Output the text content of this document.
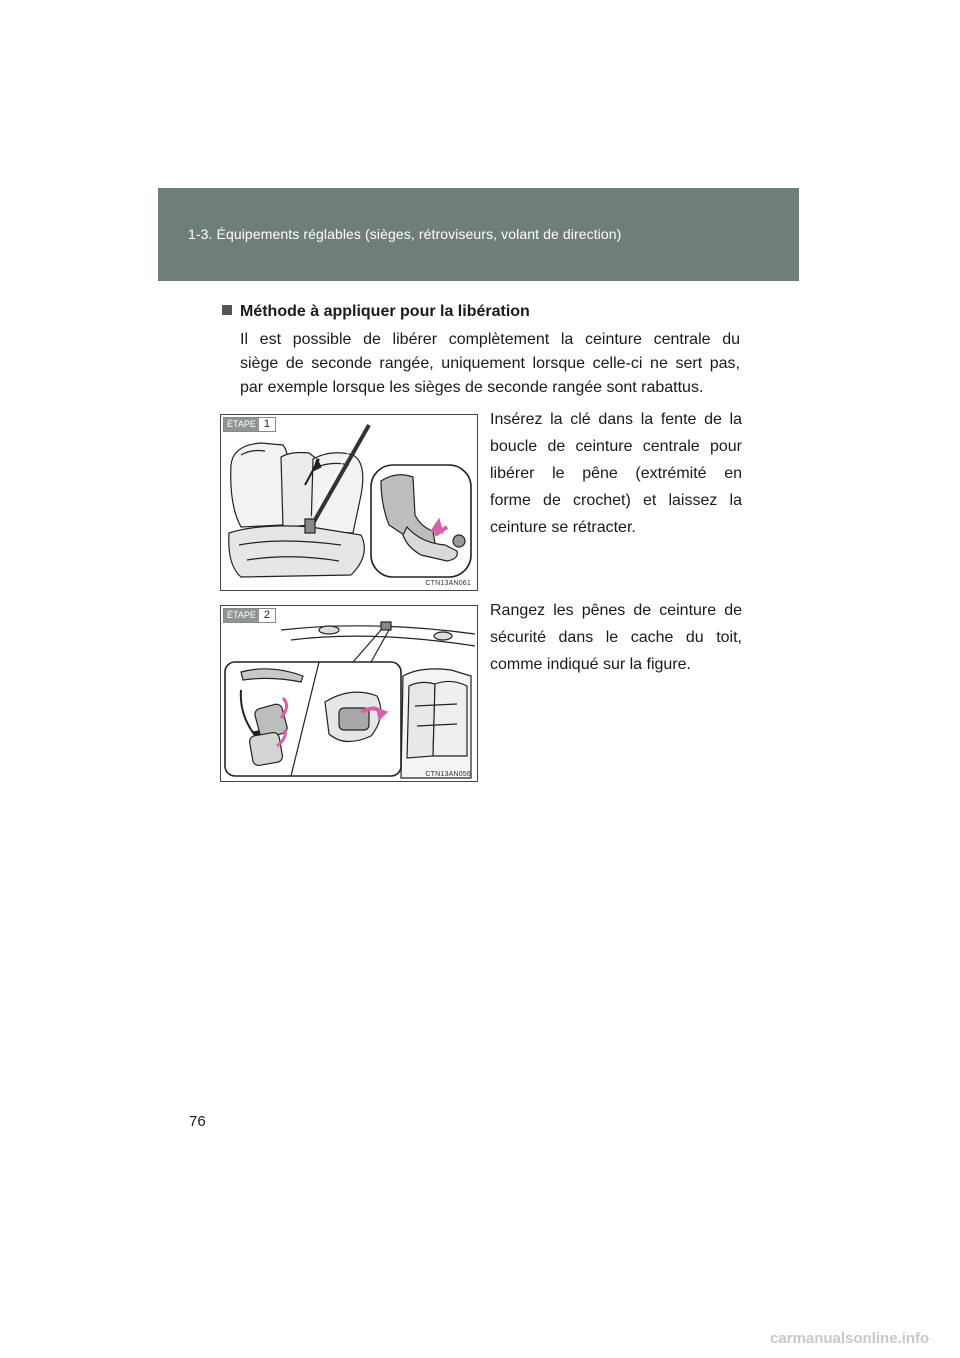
1-3. Équipements réglables (sièges, rétroviseurs, volant de direction)
Méthode à appliquer pour la libération
Il est possible de libérer complètement la ceinture centrale du
siège de seconde rangée, uniquement lorsque celle-ci ne sert pas,
par exemple lorsque les sièges de seconde rangée sont rabattus.
ÉTAPE 1
CTN13AN061
Insérez la clé dans la fente de la
boucle de ceinture centrale pour
libérer le pêne (extrémité en
forme de crochet) et laissez la
ceinture se rétracter.
ÉTAPE 2
CTN13AN056
Rangez les pênes de ceinture de
sécurité dans le cache du toit,
comme indiqué sur la figure.
76
carmanualsonline.info
